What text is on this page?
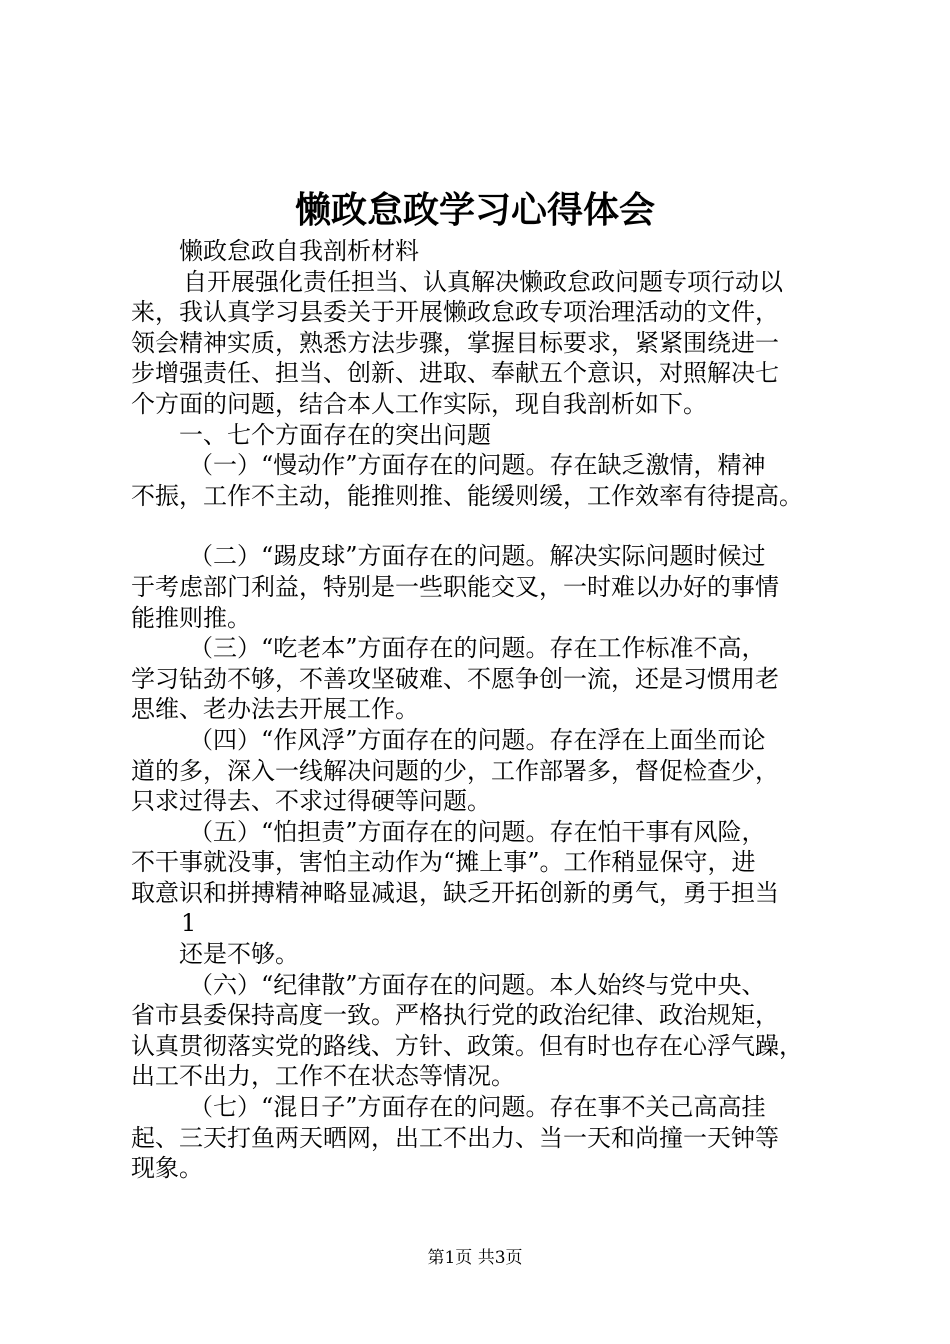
懒政怠政学习心得体会

懒政怠政自我剖析材料

自开展强化责任担当、认真解决懒政怠政问题专项行动以
来，我认真学习县委关于开展懒政怠政专项治理活动的文件，
领会精神实质，熟悉方法步骤，掌握目标要求，紧紧围绕进一
步增强责任、担当、创新、进取、奉献五个意识，对照解决七
个方面的问题，结合本人工作实际，现自我剖析如下。

一、七个方面存在的突出问题

（一）“慢动作”方面存在的问题。存在缺乏激情，精神
不振，工作不主动，能推则推、能缓则缓，工作效率有待提高。

（二）“踢皮球”方面存在的问题。解决实际问题时候过
于考虑部门利益，特别是一些职能交叉，一时难以办好的事情
能推则推。

（三）“吃老本”方面存在的问题。存在工作标准不高，
学习钻劲不够，不善攻坚破难、不愿争创一流，还是习惯用老
思维、老办法去开展工作。

（四）“作风浮”方面存在的问题。存在浮在上面坐而论
道的多，深入一线解决问题的少，工作部署多，督促检查少，
只求过得去、不求过得硬等问题。

（五）“怕担责”方面存在的问题。存在怕干事有风险，
不干事就没事，害怕主动作为“摊上事”。工作稍显保守，进
取意识和拼搏精神略显减退，缺乏开拓创新的勇气，勇于担当

1

还是不够。

（六）“纪律散”方面存在的问题。本人始终与党中央、
省市县委保持高度一致。严格执行党的政治纪律、政治规矩，
认真贯彻落实党的路线、方针、政策。但有时也存在心浮气躁，
出工不出力，工作不在状态等情况。

（七）“混日子”方面存在的问题。存在事不关己高高挂
起、三天打鱼两天晒网，出工不出力、当一天和尚撞一天钟等
现象。

第1页 共3页
